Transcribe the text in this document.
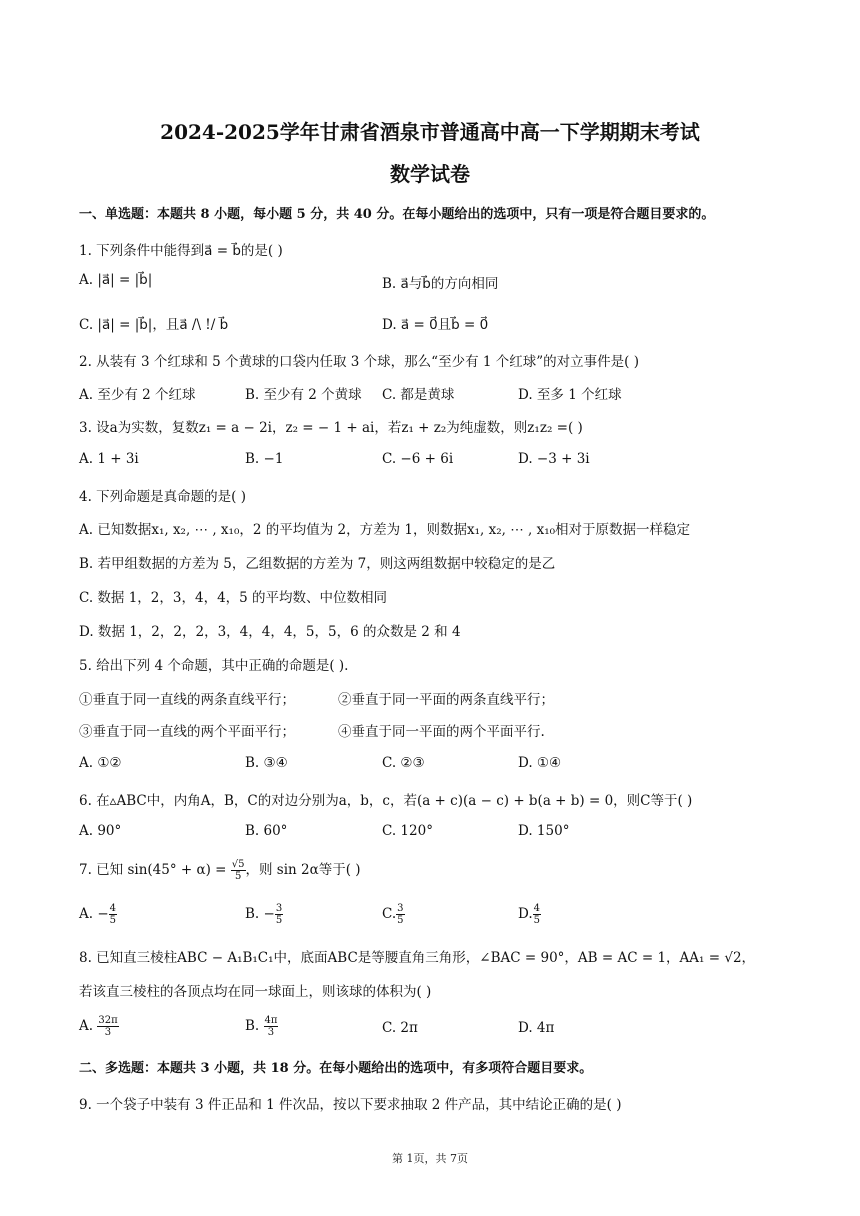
2024-2025学年甘肃省酒泉市普通高中高一下学期期末考试
数学试卷
一、单选题：本题共 8 小题，每小题 5 分，共 40 分。在每小题给出的选项中，只有一项是符合题目要求的。
1. 下列条件中能得到a⃗ = b⃗的是( )
A. |a⃗| = |b⃗|	B. a⃗与b⃗的方向相同
C. |a⃗| = |b⃗|，且a⃗ /\ !/ b⃗	D. a⃗ = 0⃗且b⃗ = 0⃗
2. 从装有 3 个红球和 5 个黄球的口袋内任取 3 个球，那么“至少有 1 个红球”的对立事件是( )
A. 至少有 2 个红球	B. 至少有 2 个黄球 C. 都是黄球	D. 至多 1 个红球
3. 设a为实数，复数z₁ = a − 2i，z₂ = − 1 + ai，若z₁ + z₂为纯虚数，则z₁z₂ =( )
A. 1 + 3i	B. −1	C. −6 + 6i	D. −3 + 3i
4. 下列命题是真命题的是( )
A. 已知数据x₁, x₂, ⋯ , x₁₀，2 的平均值为 2，方差为 1，则数据x₁, x₂, ⋯ , x₁₀相对于原数据一样稳定
B. 若甲组数据的方差为 5，乙组数据的方差为 7，则这两组数据中较稳定的是乙
C. 数据 1，2，3，4，4，5 的平均数、中位数相同
D. 数据 1，2，2，2，3，4，4，4，5，5，6 的众数是 2 和 4
5. 给出下列 4 个命题，其中正确的命题是( ).
①垂直于同一直线的两条直线平行；	②垂直于同一平面的两条直线平行；
③垂直于同一直线的两个平面平行；	④垂直于同一平面的两个平面平行.
A. ①②	B. ③④	C. ②③	D. ①④
6. 在▵ABC中，内角A，B，C的对边分别为a，b，c，若(a + c)(a − c) + b(a + b) = 0，则C等于( )
A. 90°	B. 60°	C. 120°	D. 150°
7. 已知 $\sin(45^\circ + \alpha) = \frac{√5}{5}$ ，则 sin 2α等于( )
A. − $\frac{4}{5}$	B. − $\frac{3}{5}$	C. $\frac{3}{5}$	D. $\frac{4}{5}$
8. 已知直三棱柱ABC − A₁B₁C₁中，底面ABC是等腰直角三角形，∠BAC = 90°，AB = AC = 1，AA₁ = √2，
若该直三棱柱的各顶点均在同一球面上，则该球的体积为( )
A. $\frac{32\pi}{3}$	B. $\frac{4\pi}{3}$	C. 2π	D. 4π
二、多选题：本题共 3 小题，共 18 分。在每小题给出的选项中，有多项符合题目要求。
9. 一个袋子中装有 3 件正品和 1 件次品，按以下要求抽取 2 件产品，其中结论正确的是( )
第 1页，共 7页
